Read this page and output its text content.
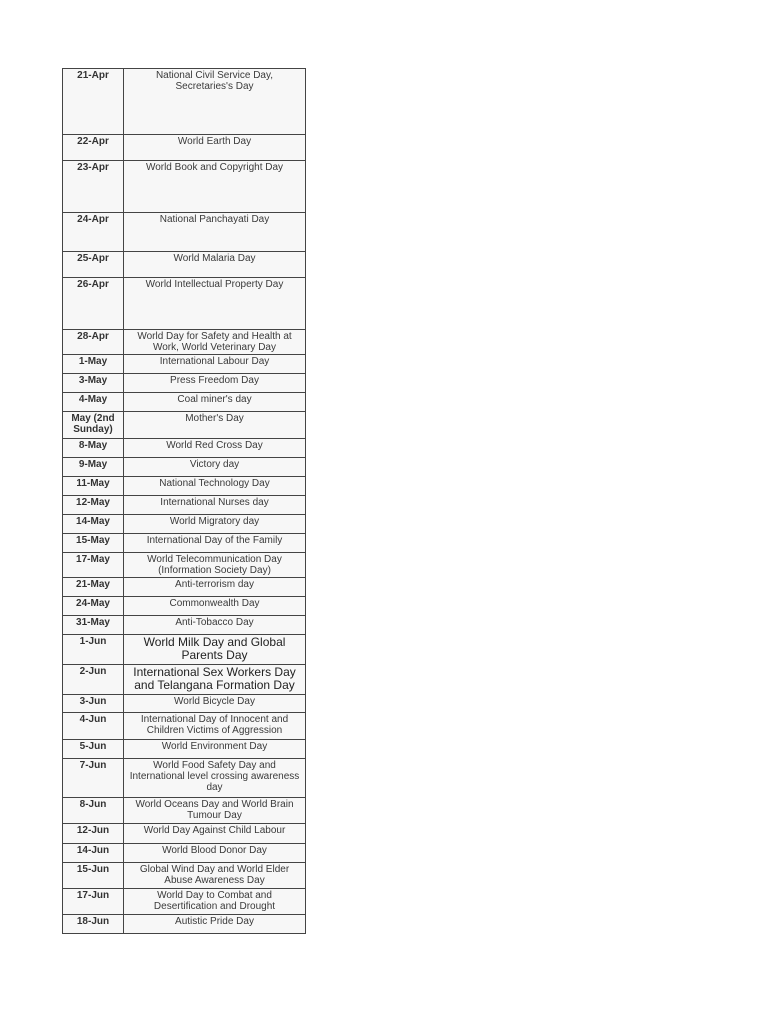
21-Apr	National Civil Service Day, Secretaries's Day
22-Apr	World Earth Day
23-Apr	World Book and Copyright Day
24-Apr	National Panchayati Day
25-Apr	World Malaria Day
26-Apr	World Intellectual Property Day
28-Apr	World Day for Safety and Health at Work, World Veterinary Day
1-May	International Labour Day
3-May	Press Freedom Day
4-May	Coal miner's day
May (2nd Sunday)	Mother's Day
8-May	World Red Cross Day
9-May	Victory day
11-May	National Technology Day
12-May	International Nurses day
14-May	World Migratory day
15-May	International Day of the Family
17-May	World Telecommunication Day (Information Society Day)
21-May	Anti-terrorism day
24-May	Commonwealth Day
31-May	Anti-Tobacco Day
1-Jun	World Milk Day and Global Parents Day
2-Jun	International Sex Workers Day and Telangana Formation Day
3-Jun	World Bicycle Day
4-Jun	International Day of Innocent and Children Victims of Aggression
5-Jun	World Environment Day
7-Jun	World Food Safety Day and International level crossing awareness day
8-Jun	World Oceans Day and World Brain Tumour Day
12-Jun	World Day Against Child Labour
14-Jun	World Blood Donor Day
15-Jun	Global Wind Day and World Elder Abuse Awareness Day
17-Jun	World Day to Combat and Desertification and Drought
18-Jun	Autistic Pride Day
